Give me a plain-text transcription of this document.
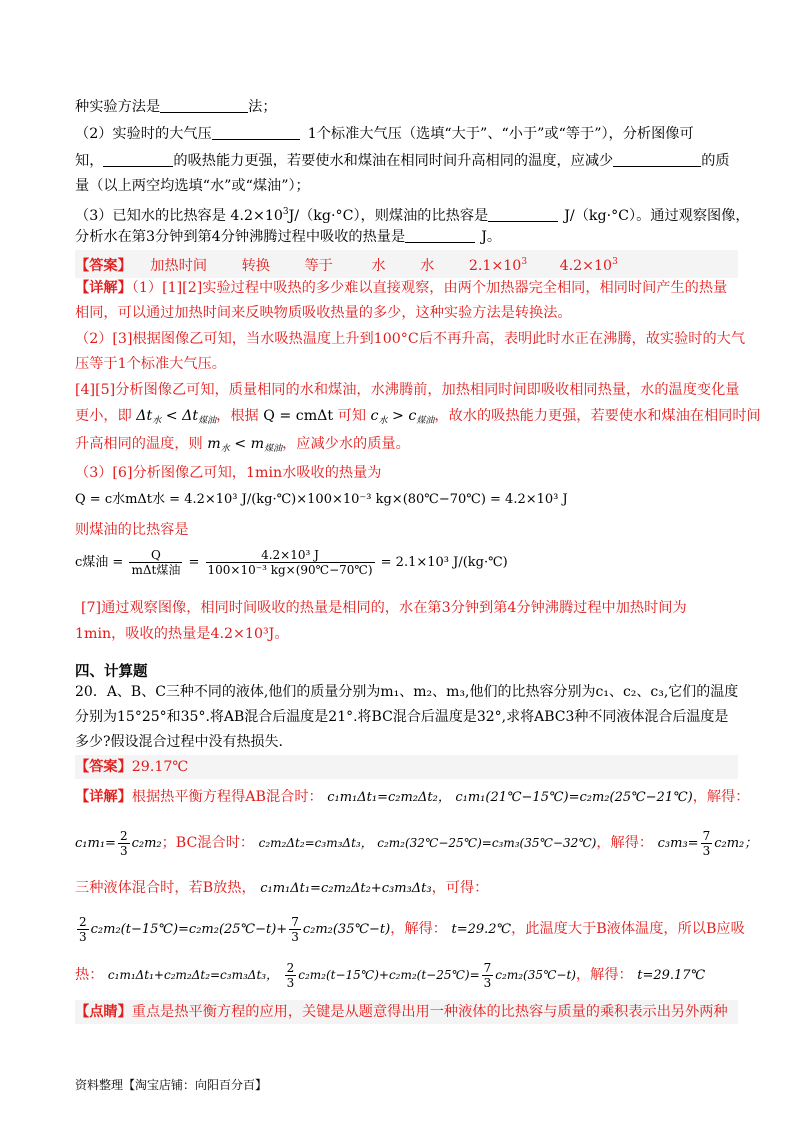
种实验方法是	法；
（2）实验时的大气压	1个标准大气压（选填“大于”、“小于”或“等于”），分析图像可
知，	的吸热能力更强，若要使水和煤油在相同时间升高相同的温度，应减少	的质
量（以上两空均选填“水”或“煤油”）；
（3）已知水的比热容是 $4.2\times 10^3J/(kg\cdot^\circ C)$，则煤油的比热容是	J/（kg·°C）。通过观察图像，
分析水在第3分钟到第4分钟沸腾过程中吸收的热量是	J。
【答案】 加热时间 转换 等于	水 水 $2.1\times 10^3$ $4.2\times 10^3$
【详解】（1）[1][2]实验过程中吸热的多少难以直接观察，由两个加热器完全相同，相同时间产生的热量
相同，可以通过加热时间来反映物质吸收热量的多少，这种实验方法是转换法。
（2）[3]根据图像乙可知，当水吸热温度上升到100°C后不再升高，表明此时水正在沸腾，故实验时的大气
压等于1个标准大气压。
[4][5]分析图像乙可知，质量相同的水和煤油，水沸腾前，加热相同时间即吸收相同热量，水的温度变化量
更小，即 $\Delta t_水 < \Delta t_{煤油}$，根据 Q = cmΔt 可知 $c_水 > c_{煤油}$，故水的吸热能力更强，若要使水和煤油在相同时间
升高相同的温度，则 $m_水 < m_{煤油}$，应减少水的质量。
（3）[6]分析图像乙可知，1min水吸收的热量为
Q = c水mΔt水 = 4.2×10³ J/(kg·℃)×100×10⁻³ kg×(80℃−70℃) = 4.2×10³ J
则煤油的比热容是
c煤油 = $\frac{Q}{\text{mΔt煤油}} = \frac{\text{4.2×10³ J}}{\text{100×10⁻³ kg×(90℃−70℃)}} = 2.1\times 10^3$ J/(kg·℃)
[7]通过观察图像，相同时间吸收的热量是相同的，水在第3分钟到第4分钟沸腾过程中加热时间为
1min，吸收的热量是4.2×10³J。
四、计算题
20．A、B、C三种不同的液体,他们的质量分别为m₁、m₂、m₃,他们的比热容分别为c₁、c₂、c₃,它们的温度
分别为15°25°和35°.将AB混合后温度是21°.将BC混合后温度是32°,求将ABC3种不同液体混合后温度是
多少?假设混合过程中没有热损失.
【答案】29.17℃
【详解】根据热平衡方程得AB混合时： c₁m₁Δt₁=c₂m₂Δt₂， c₁m₁(21℃−15℃)=c₂m₂(25℃−21℃)，解得：
$c_1m_1= \frac{2}{3} c_2m_2$；BC混合时： c₂m₂Δt₂=c₃m₃Δt₃， c₂m₂(32℃−25℃)=c₃m₃(35℃−32℃)，解得： $c_3m_3= \frac{7}{3} c_2m_2$；
三种液体混合时，若B放热， c₁m₁Δt₁=c₂m₂Δt₂+c₃m₃Δt₃，可得：
$\frac{2}{3}$ c₂m₂(t−15℃)=c₂m₂(25℃−t)+ $\frac{7}{3}$ c₂m₂(35℃−t)，解得： t=29.2℃，此温度大于B液体温度，所以B应吸
热： c₁m₁Δt₁+c₂m₂Δt₂=c₃m₃Δt₃， $\frac{2}{3}$ c₂m₂(t−15℃)+c₂m₂(t−25℃)= $\frac{7}{3}$ c₂m₂(35℃−t)，解得： t=29.17℃
【点睛】重点是热平衡方程的应用，关键是从题意得出用一种液体的比热容与质量的乘积表示出另外两种
资料整理【淘宝店铺：向阳百分百】
